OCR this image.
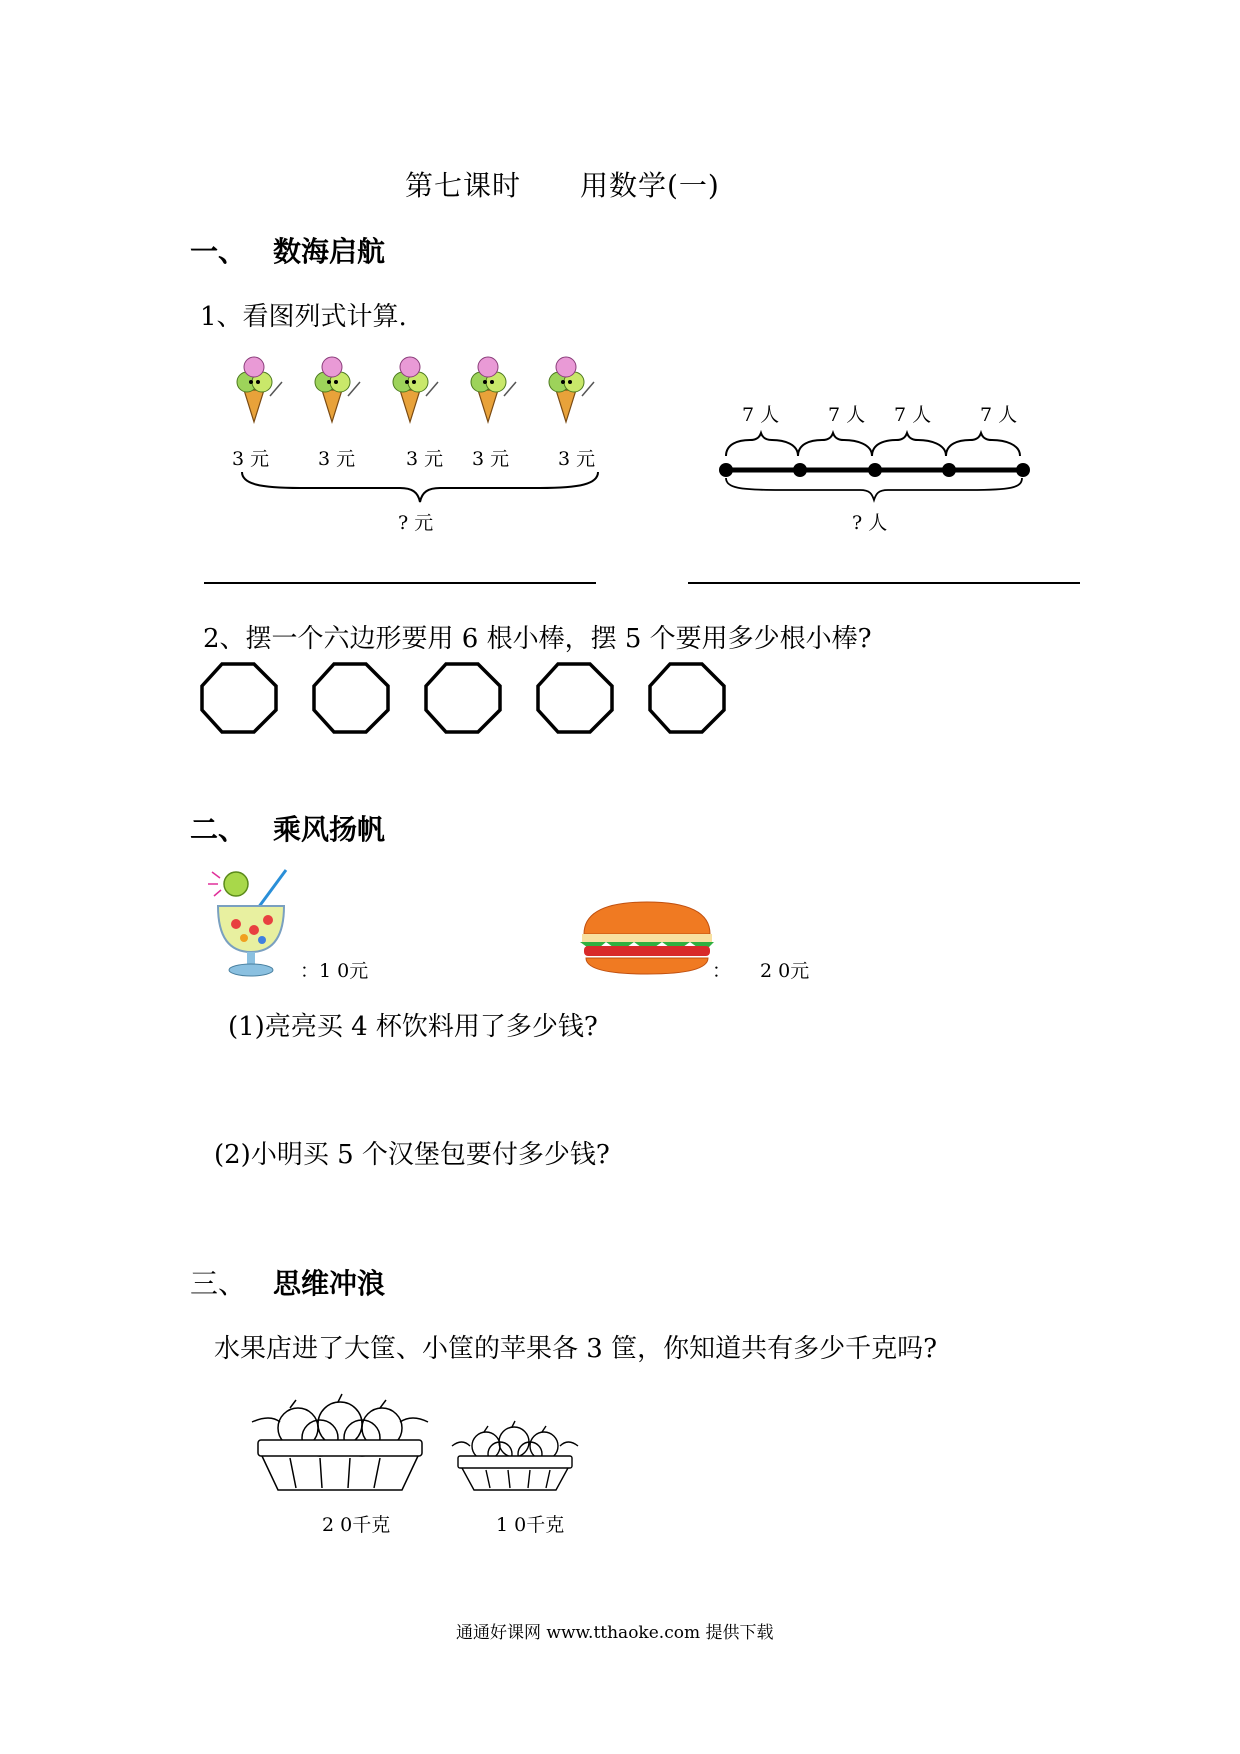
第七课时 用数学(一)
一、 数海启航
1、看图列式计算.
3 元	3 元	3 元 3 元	3 元
? 元
7 人	7 人 7 人	7 人
? 人
2、摆一个六边形要用 6 根小棒，摆 5 个要用多少根小棒?
二、 乘风扬帆
：1 0元	： 2 0元
(1)亮亮买 4 杯饮料用了多少钱?
(2)小明买 5 个汉堡包要付多少钱?
三、 思维冲浪
水果店进了大筐、小筐的苹果各 3 筐，你知道共有多少千克吗?
2 0千克	1 0千克
通通好课网 www.tthaoke.com 提供下载
